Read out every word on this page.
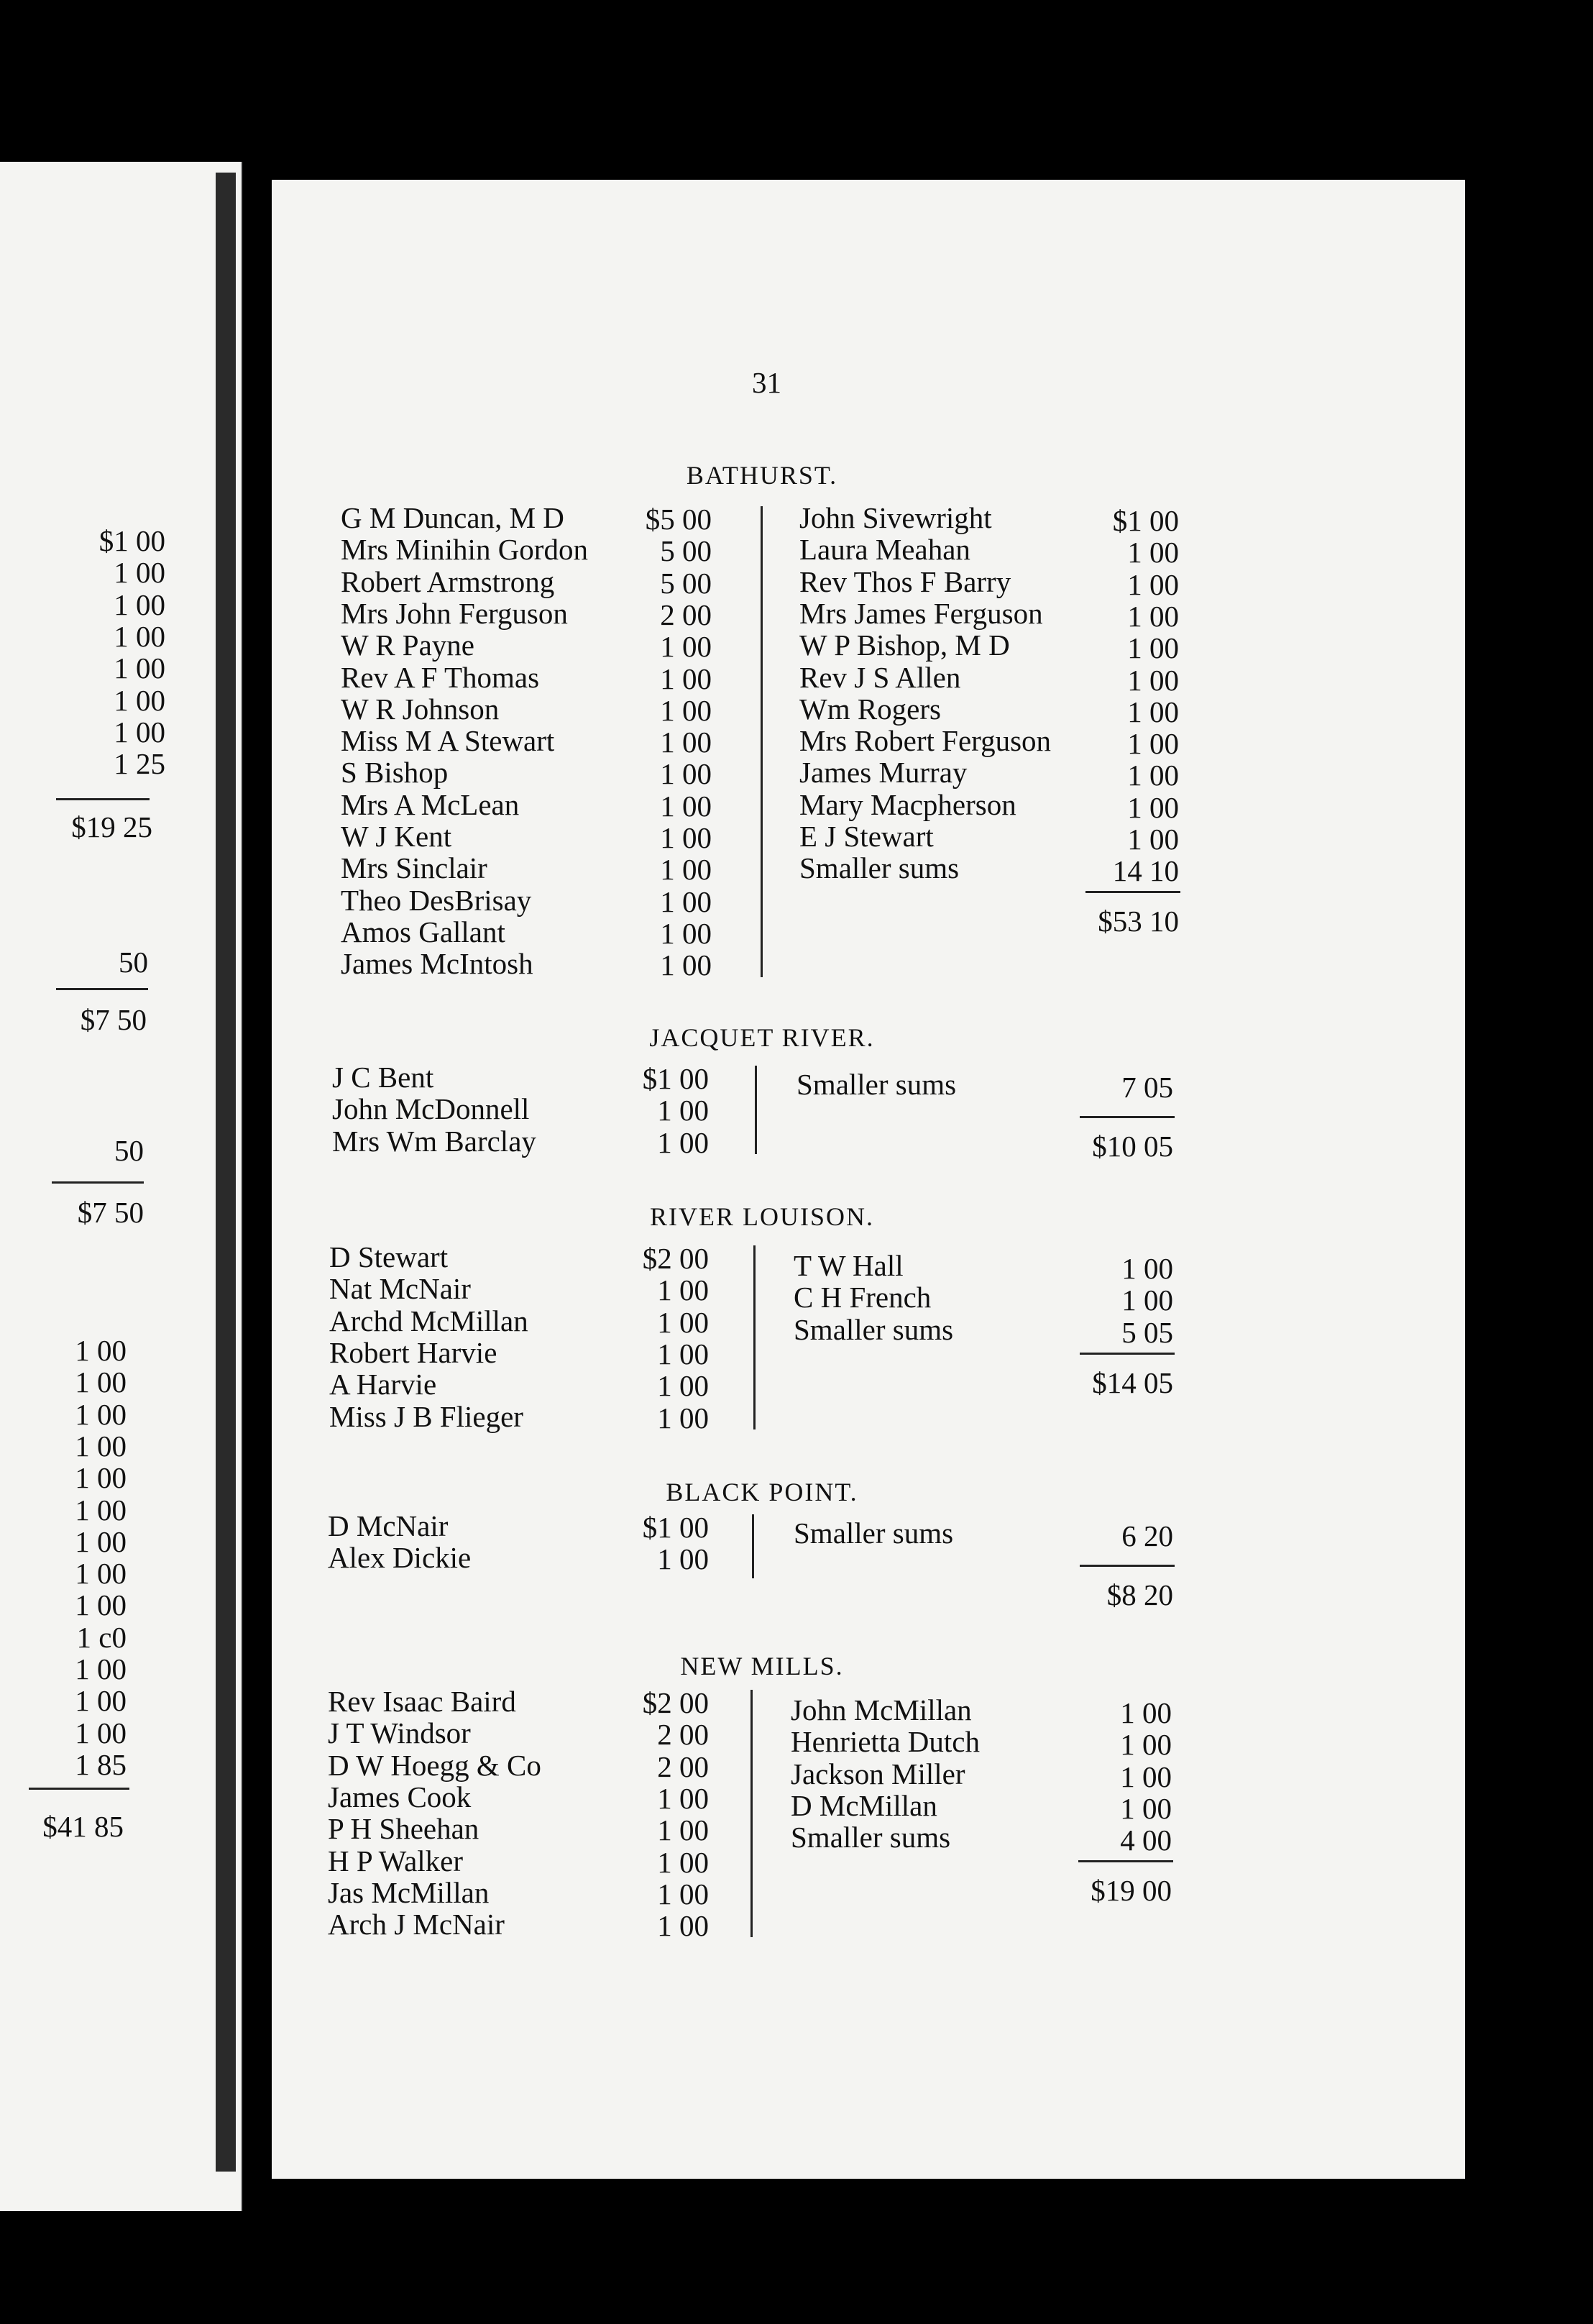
31
$1 00
1 00
1 00
1 00
1 00
1 00
1 00
1 25
$19 25
50
$7 50
50
$7 50
1 00
1 00
1 00
1 00
1 00
1 00
1 00
1 00
1 00
1 c0
1 00
1 00
1 00
1 85
$41 85
BATHURST.
G M Duncan, M D	$5 00
Mrs Minihin Gordon 5 00
Robert Armstrong	5 00
Mrs John Ferguson	2 00
W R Payne	1 00
Rev A F Thomas	1 00
W R Johnson	1 00
Miss M A Stewart	1 00
S Bishop	1 00
Mrs A McLean	1 00
W J Kent	1 00
Mrs Sinclair	1 00
Theo DesBrisay	1 00
Amos Gallant	1 00
James McIntosh	1 00
John Sivewright	$1 00
Laura Meahan	1 00
Rev Thos F Barry	1 00
Mrs James Ferguson	1 00
W P Bishop, M D	1 00
Rev J S Allen	1 00
Wm Rogers	1 00
Mrs Robert Ferguson	1 00
James Murray	1 00
Mary Macpherson	1 00
E J Stewart	1 00
Smaller sums	14 10
$53 10
JACQUET RIVER.
J C Bent	$1 00
John McDonnell	1 00
Mrs Wm Barclay	1 00
Smaller sums	7 05
$10 05
RIVER LOUISON.
D Stewart	$2 00
Nat McNair	1 00
Archd McMillan	1 00
Robert Harvie	1 00
A Harvie	1 00
Miss J B Flieger	1 00
T W Hall	1 00
C H French	1 00
Smaller sums	5 05
$14 05
BLACK POINT.
D McNair	$1 00
Alex Dickie	1 00
Smaller sums	6 20
$8 20
NEW MILLS.
Rev Isaac Baird	$2 00
J T Windsor	2 00
D W Hoegg & Co	2 00
James Cook	1 00
P H Sheehan	1 00
H P Walker	1 00
Jas McMillan	1 00
Arch J McNair	1 00
John McMillan	1 00
Henrietta Dutch	1 00
Jackson Miller	1 00
D McMillan	1 00
Smaller sums	4 00
$19 00
